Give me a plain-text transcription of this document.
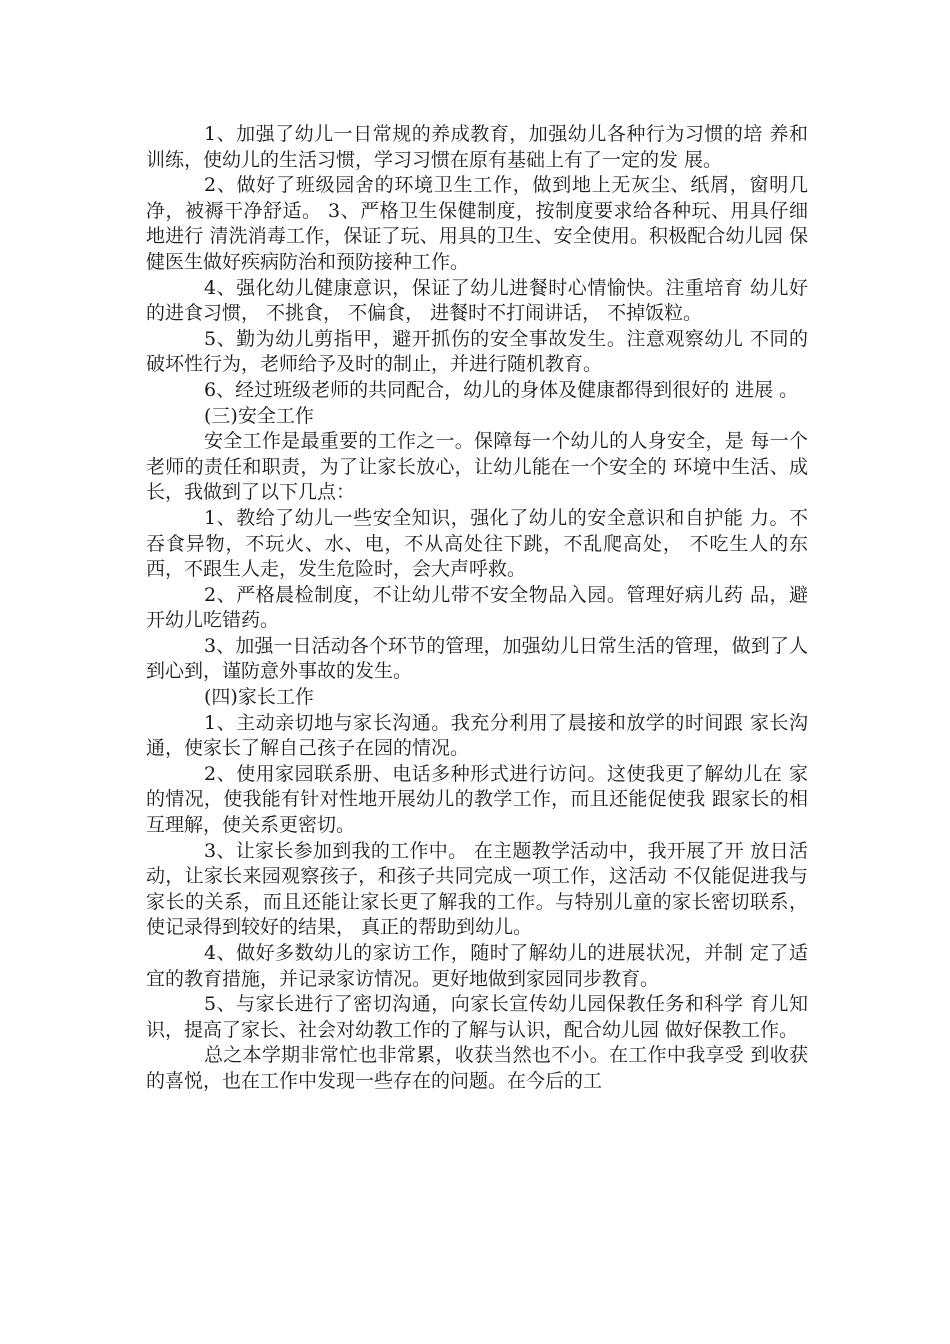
1、加强了幼儿一日常规的养成教育，加强幼儿各种行为习惯的培 养和训练，使幼儿的生活习惯，学习习惯在原有基础上有了一定的发 展。

2、做好了班级园舍的环境卫生工作，做到地上无灰尘、纸屑，窗明几净，被褥干净舒适。 3、严格卫生保健制度，按制度要求给各种玩、用具仔细地进行 清洗消毒工作，保证了玩、用具的卫生、安全使用。积极配合幼儿园 保健医生做好疾病防治和预防接种工作。

4、强化幼儿健康意识，保证了幼儿进餐时心情愉快。注重培育 幼儿好的进食习惯， 不挑食， 不偏食， 进餐时不打闹讲话， 不掉饭粒。

5、勤为幼儿剪指甲，避开抓伤的安全事故发生。注意观察幼儿 不同的破坏性行为，老师给予及时的制止，并进行随机教育。

6、经过班级老师的共同配合，幼儿的身体及健康都得到很好的 进展 。

(三)安全工作

安全工作是最重要的工作之一。保障每一个幼儿的人身安全，是 每一个老师的责任和职责，为了让家长放心，让幼儿能在一个安全的 环境中生活、成长，我做到了以下几点：

1、教给了幼儿一些安全知识，强化了幼儿的安全意识和自护能 力。不吞食异物，不玩火、水、电，不从高处往下跳，不乱爬高处， 不吃生人的东西，不跟生人走，发生危险时，会大声呼救。

2、严格晨检制度，不让幼儿带不安全物品入园。管理好病儿药 品，避开幼儿吃错药。

3、加强一日活动各个环节的管理，加强幼儿日常生活的管理，做到了人到心到，谨防意外事故的发生。

(四)家长工作

1、主动亲切地与家长沟通。我充分利用了晨接和放学的时间跟 家长沟通，使家长了解自己孩子在园的情况。

2、使用家园联系册、电话多种形式进行访问。这使我更了解幼儿在 家的情况，使我能有针对性地开展幼儿的教学工作，而且还能促使我 跟家长的相互理解，使关系更密切。

3、让家长参加到我的工作中。 在主题教学活动中，我开展了开 放日活动，让家长来园观察孩子，和孩子共同完成一项工作，这活动 不仅能促进我与家长的关系，而且还能让家长更了解我的工作。与特别儿童的家长密切联系， 使记录得到较好的结果， 真正的帮助到幼儿。

4、做好多数幼儿的家访工作，随时了解幼儿的进展状况，并制 定了适宜的教育措施，并记录家访情况。更好地做到家园同步教育。

5、与家长进行了密切沟通，向家长宣传幼儿园保教任务和科学 育儿知识，提高了家长、社会对幼教工作的了解与认识，配合幼儿园 做好保教工作。

总之本学期非常忙也非常累，收获当然也不小。在工作中我享受 到收获的喜悦，也在工作中发现一些存在的问题。在今后的工
